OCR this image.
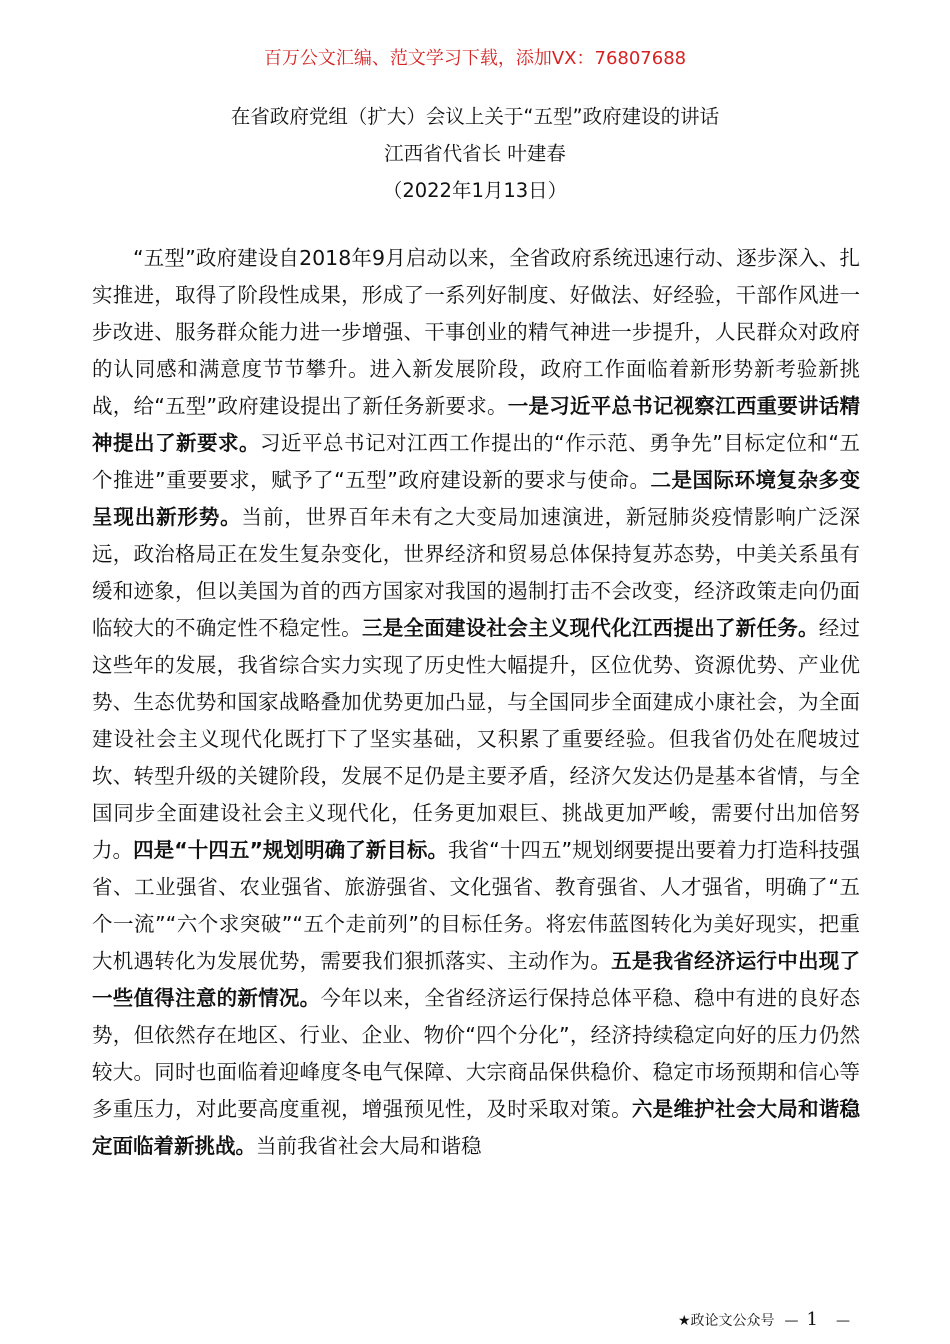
百万公文汇编、范文学习下载，添加VX：76807688
在省政府党组（扩大）会议上关于“五型”政府建设的讲话
江西省代省长 叶建春
（2022年1月13日）

“五型”政府建设自2018年9月启动以来，全省政府系统迅速行动、逐步深入、扎实推进，取得了阶段性成果，形成了一系列好制度、好做法、好经验，干部作风进一步改进、服务群众能力进一步增强、干事创业的精气神进一步提升，人民群众对政府的认同感和满意度节节攀升。进入新发展阶段，政府工作面临着新形势新考验新挑战，给“五型”政府建设提出了新任务新要求。一是习近平总书记视察江西重要讲话精神提出了新要求。习近平总书记对江西工作提出的“作示范、勇争先”目标定位和“五个推进”重要要求，赋予了“五型”政府建设新的要求与使命。二是国际环境复杂多变呈现出新形势。当前，世界百年未有之大变局加速演进，新冠肺炎疫情影响广泛深远，政治格局正在发生复杂变化，世界经济和贸易总体保持复苏态势，中美关系虽有缓和迹象，但以美国为首的西方国家对我国的遏制打击不会改变，经济政策走向仍面临较大的不确定性不稳定性。三是全面建设社会主义现代化江西提出了新任务。经过这些年的发展，我省综合实力实现了历史性大幅提升，区位优势、资源优势、产业优势、生态优势和国家战略叠加优势更加凸显，与全国同步全面建成小康社会，为全面建设社会主义现代化既打下了坚实基础，又积累了重要经验。但我省仍处在爬坡过坎、转型升级的关键阶段，发展不足仍是主要矛盾，经济欠发达仍是基本省情，与全国同步全面建设社会主义现代化，任务更加艰巨、挑战更加严峻，需要付出加倍努力。四是“十四五”规划明确了新目标。我省“十四五”规划纲要提出要着力打造科技强省、工业强省、农业强省、旅游强省、文化强省、教育强省、人才强省，明确了“五个一流”“六个求突破”“五个走前列”的目标任务。将宏伟蓝图转化为美好现实，把重大机遇转化为发展优势，需要我们狠抓落实、主动作为。五是我省经济运行中出现了一些值得注意的新情况。今年以来，全省经济运行保持总体平稳、稳中有进的良好态势，但依然存在地区、行业、企业、物价“四个分化”，经济持续稳定向好的压力仍然较大。同时也面临着迎峰度冬电气保障、大宗商品保供稳价、稳定市场预期和信心等多重压力，对此要高度重视，增强预见性，及时采取对策。六是维护社会大局和谐稳定面临着新挑战。当前我省社会大局和谐稳

★政论文公众号 — 1 —
